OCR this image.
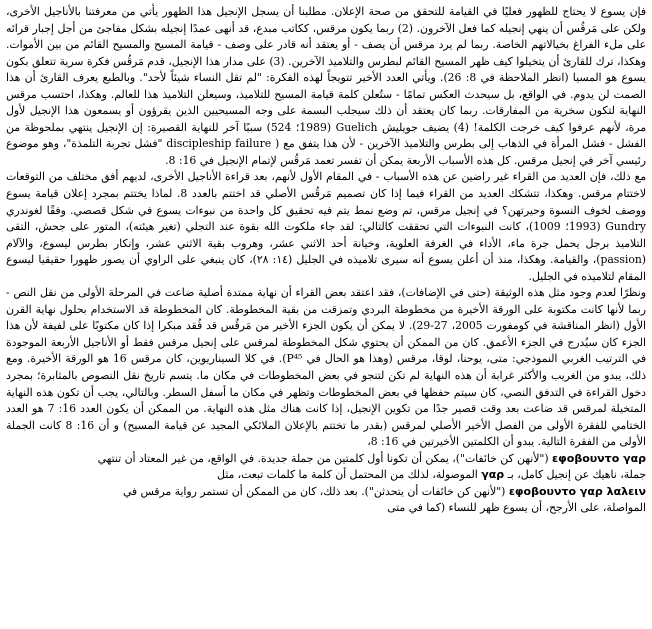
فإن يسوع لا يحتاج للظهور فعليًا في القيامة للتحقق من صحة الإعلان. مطلبنا أن يسجل الإنجيل هذا الظهور يأتي من معرفتنا بالأناجيل الأخرى، ولكن على مَرقُس أن ينهي إنجيله كما فعل الآخرون. (2) ربما يكون مرقس، ككاتب مبدع، قد أنهى عمدًا إنجيله بشكل مفاجئ من أجل إجبار قرائه على ملء الفراغ بخيالاتهم الخاصة. ربما لم يرد مرقس أن يصف - أو يعتقد أنه قادر على وصف - قيامة المسيح والمسيح القائم من بين الأموات. وهكذا، ترك للقارئ أن يتخيلوا كيف ظهر المسيح القائم لبطرس والتلاميذ الآخرين. (3) على مدار هذا الإنجيل، قدم مَرقُس فكرة سرية تتعلق بكون يسوع هو المسيا (انظر الملاحظة في 8: 26). ويأتي العدد الأخير تتويجاً لهذه الفكرة: "لم تقل النساء شيئاً لأحد". وبالطبع يعرف القارئ أن هذا الصمت لن يدوم. في الواقع، بل سيحدث العكس تمامًا - ستُعلن كلمة قيامة المسيح للتلاميذ، وسيعلن التلاميذ هذا للعالم. وهكذا، احتسب مرقس النهاية لتكون سخرية من المفارقات. ربما كان يعتقد أن ذلك سيجلب البسمة على وجه المسيحيين الذين يقرؤون أو يسمعون هذا الإنجيل لأول مرة، لأنهم عرفوا كيف خرجت الكلمة! (4) يضيف جويليش Guelich (1989؛ 524) سببًا آخر للنهاية القصيرة: إن الإنجيل ينتهي بملحوظة من الفشل - فشل المرأة في الذهاب إلى بطرس والتلاميذ الآخرين - لأن هذا يتفق مع ( discipleship failure "فشل تجربة التلمذة"، وهو موضوع رئيسي آخر في إنجيل مرقس. كل هذه الأسباب الأربعة يمكن أن تفسر تعمد مَرقُس لإتمام الإنجيل في 16: 8.

مع ذلك، فإن العديد من القراء غير راضين عن هذه الأسباب - في المقام الأول لأنهم، بعد قراءة الأناجيل الأخرى، لديهم أفق مختلف من التوقعات لاختتام مرقس. وهكذا، تتشكك العديد من القراء فيما إذا كان تصميم مَرقُس الأصلي قد اختتم بالعدد 8. لماذا يختتم بمجرد إعلان قيامة يسوع ووصف لخوف النسوة وحيرتهن؟ في إنجيل مرقس، تم وضع نمط يتم فيه تحقيق كل واحدة من نبوءات يسوع في شكل قصصي. وفقًا لغوندري Gundry (1993؛ 1009)، كانت النبوءات التي تحققت كالتالي: لقد جاء ملكوت الله بقوة عند التجلي (تغير هيئته)، المتور على جحش، التقى التلاميذ برجل يحمل جرة ماء، الأداء في الغرفة العلوية، وخيانة أحد الاثني عشر، وهروب بقية الاثني عشر، وإنكار بطرس ليسوع، والآلام (passion)، والقيامة. وهكذا، منذ أن أعلن يسوع أنه سيرى تلاميذه في الجليل (١٤: ٢٨)، كان ينبغي على الراوي أن يصور ظهورا حقيقيا ليسوع المقام لتلاميذه في الجليل.

ونظرًا لعدم وجود مثل هذه الوثيقة (حتى في الإضافات)، فقد اعتقد بعض القراء أن نهاية ممتدة أصلية ضاعت في المرحلة الأولى من نقل النص - ربما لأنها كانت مكتوبة على الورقة الأخيرة من مخطوطة البردي وتمزقت من بقية المخطوطة. كان المخطوطة قد الاستخدام بحلول نهاية القرن الأول (انظر المناقشة في كومفورت 2005، 27-29). لا يمكن أن يكون الجزء الأخير من مَرقُس قد فُقد مبكرا إذا كان مكتوبًا على لفيفة لأن هذا الجزء كان سيُدرج في الجزء الأعمق. كان من الممكن أن يحتوي شكل المخطوطة لمرقس على إنجيل مرقس فقط أو الأناجيل الأربعة الموجودة في الترتيب الغربي النموذجي: متى، يوحنا، لوقا، مرقس (وهذا هو الحال في P⁴⁵). في كلا السيناريوين، كان مرقس 16 هو الورقة الأخيرة. ومع ذلك، يبدو من الغريب والأكثر غرابة أن هذه النهاية لم تكن لتنجو في بعض المخطوطات في مكان ما. يتسم تاريخ نقل النصوص بالمثابرة؛ بمجرد دخول القراءة في التدفق النصي، كان سيتم حفظها في بعض المخطوطات وتظهر في مكان ما أسفل السطر. وبالتالي، يجب أن تكون هذه النهاية المتخيلة لمرقس قد ضاعت بعد وقت قصير جدًا من تكوين الإنجيل، إذا كانت هناك مثل هذه النهاية. من الممكن أن يكون العدد 16: 7 هو العدد الختامي للفقرة الأولى من الفصل الأخير الأصلي لمرقس (بقدر ما تختتم بالإعلان الملائكي المجيد عن قيامة المسيح) و أن 16: 8 كانت الجملة الأولى من الفقرة التالية. يبدو أن الكلمتين الأخيرتين في 16: 8،

εφοβουντο γαρ ("لأنهن كن خائفات")، يمكن أن تكونا أول كلمتين من جملة جديدة. في الواقع، من غير المعتاد أن تنتهي

جملة، ناهيك عن إنجيل كامل، بـ γαρ الموصولة، لذلك من المحتمل أن كلمة ما كلمات تبعت، مثل

εφοβουντο γαρ λαλειν ("لأنهن كن خائفات أن يتحدثن"). بعد ذلك، كان من الممكن أن تستمر رواية مرقس في

المواصلة، على الأرجح، أن يسوع ظهر للنساء (كما في متى
